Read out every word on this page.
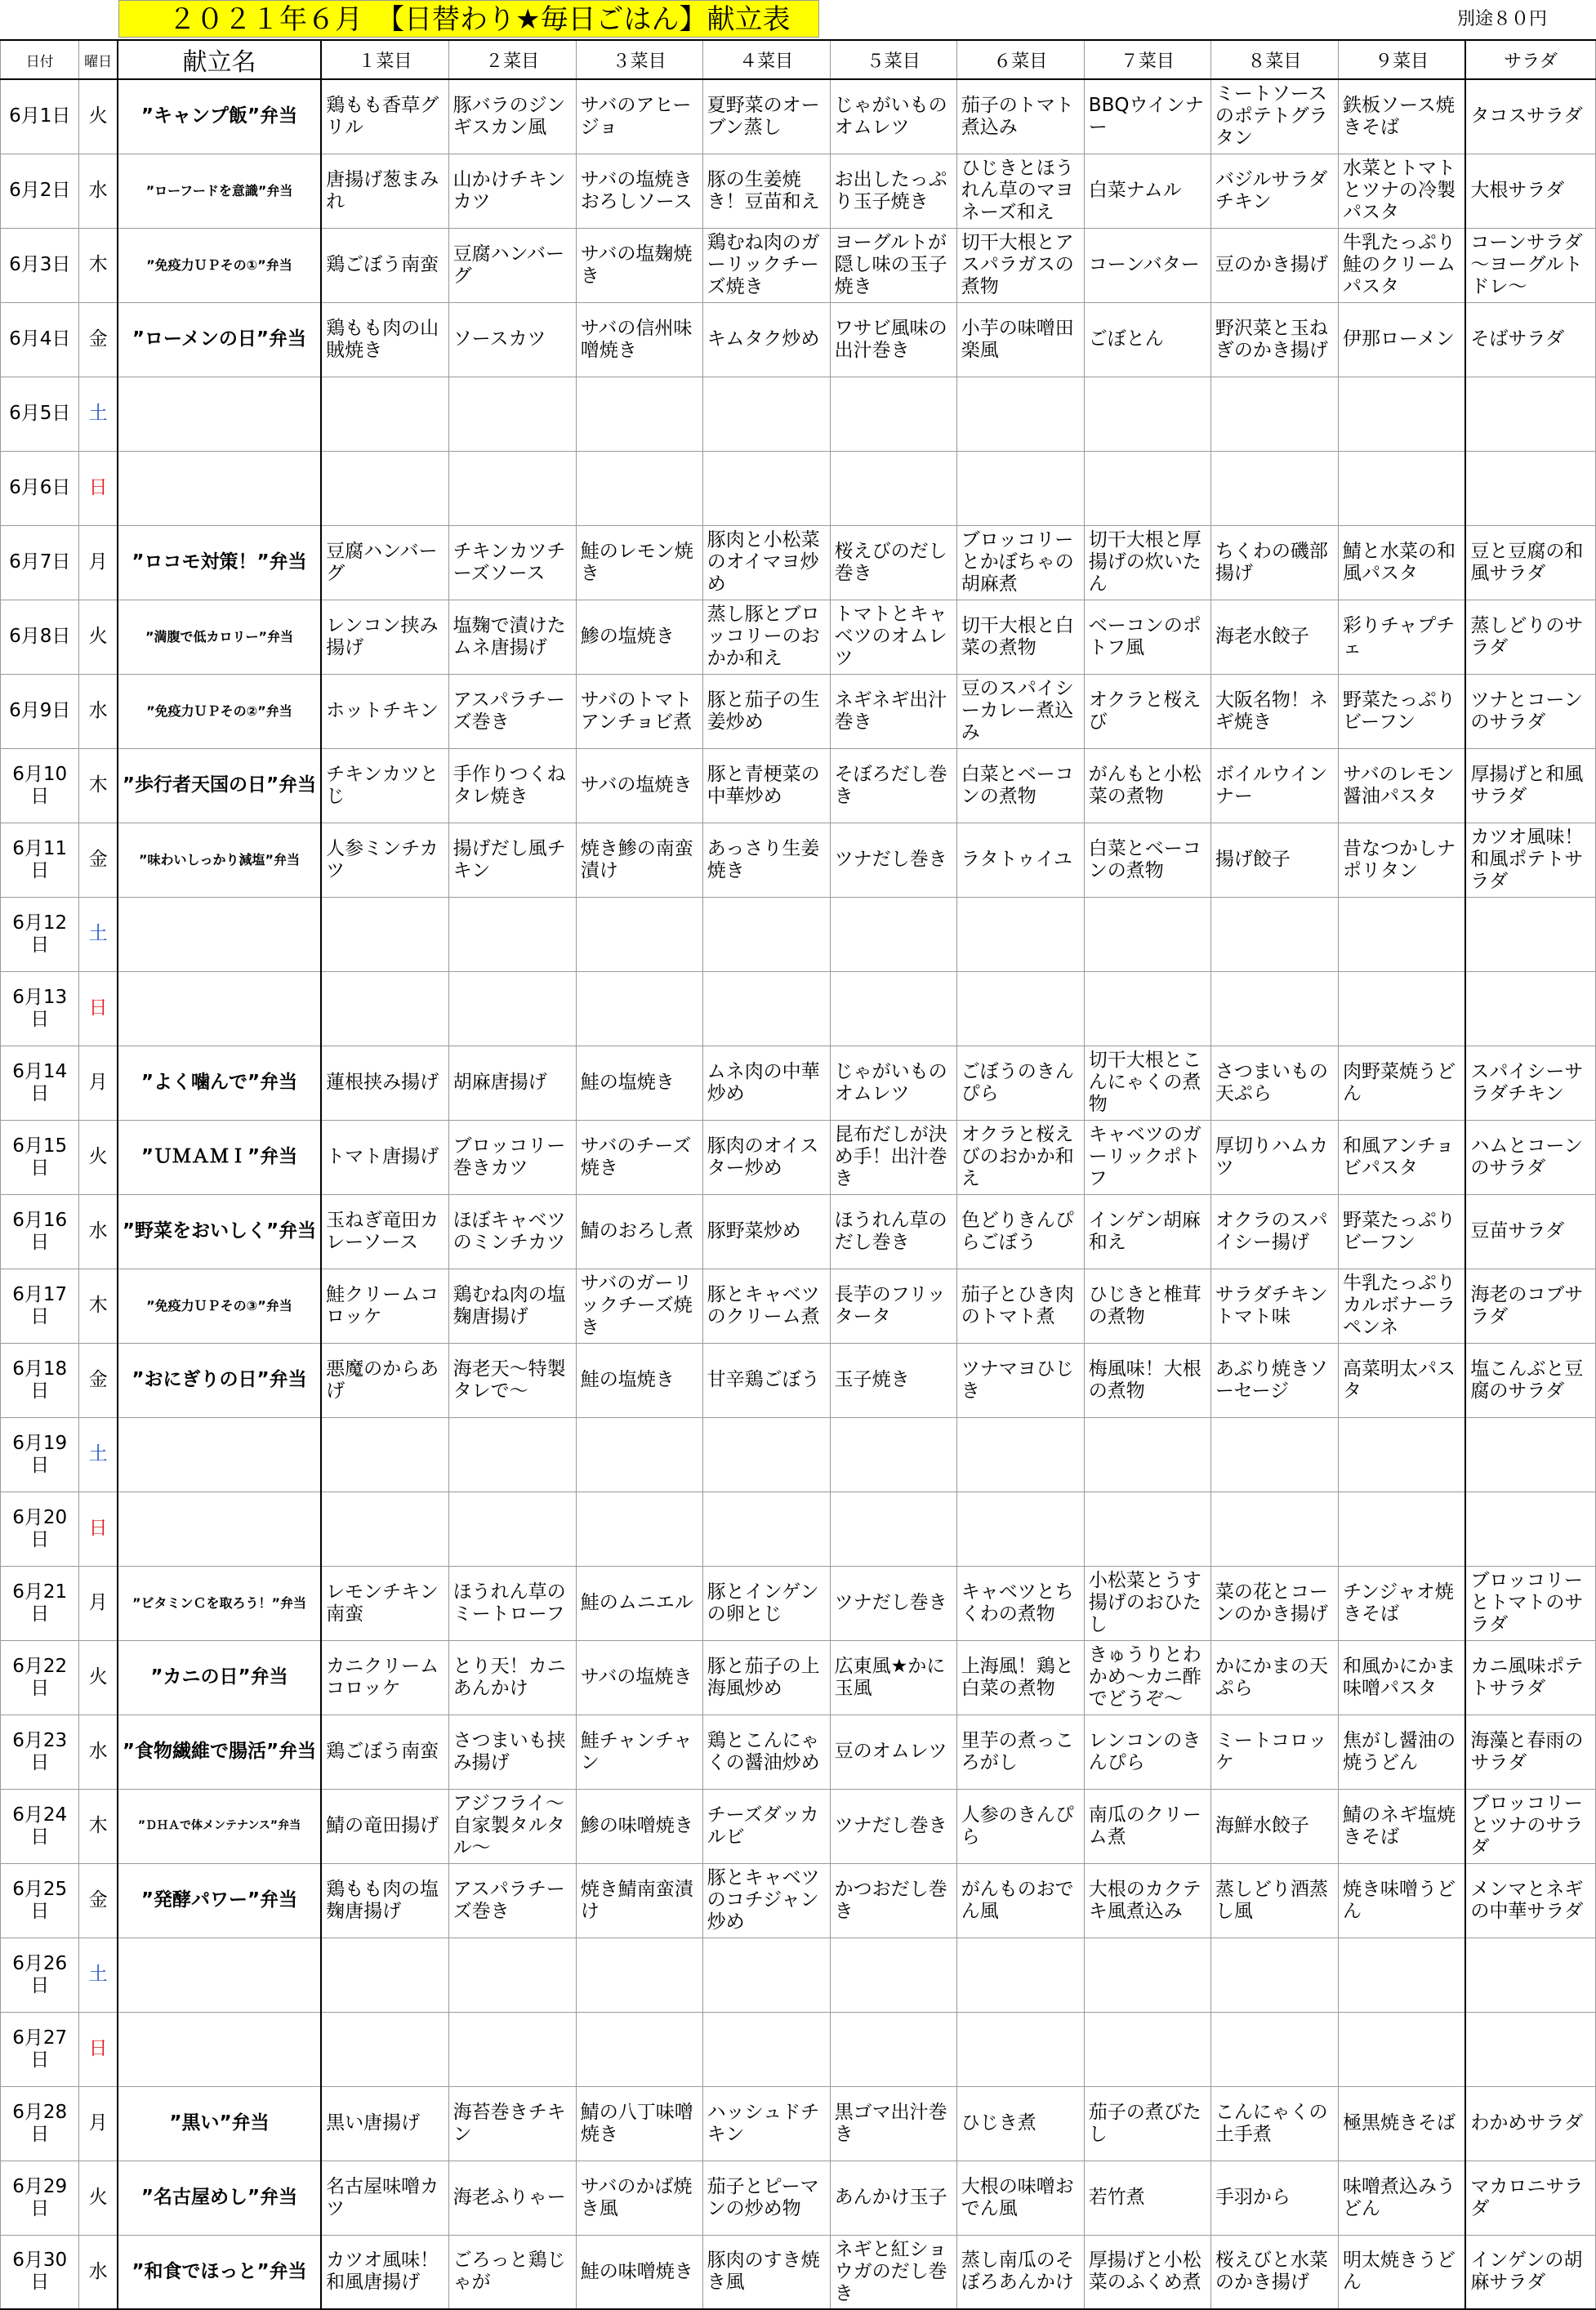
２０２１年６月　【日替わり★毎日ごはん】献立表	別途８０円
日付	曜日	献立名	１菜目	２菜目	３菜目	４菜目	５菜目	６菜目	７菜目	８菜目	９菜目	サラダ
6月1日	火	”キャンプ飯”弁当	鶏もも香草グリル	豚バラのジンギスカン風	サバのアヒージョ	夏野菜のオーブン蒸し	じゃがいものオムレツ	茄子のトマト煮込み	BBQウインナー	ミートソースのポテトグラタン	鉄板ソース焼きそば	タコスサラダ
6月2日	水	”ローフードを意識”弁当	唐揚げ葱まみれ	山かけチキンカツ	サバの塩焼きおろしソース	豚の生姜焼き！豆苗和え	お出したっぷり玉子焼き	ひじきとほうれん草のマヨネーズ和え	白菜ナムル	バジルサラダチキン	水菜とトマトとツナの冷製パスタ	大根サラダ
6月3日	木	”免疫力ＵＰその①”弁当	鶏ごぼう南蛮	豆腐ハンバーグ	サバの塩麹焼き	鶏むね肉のガーリックチーズ焼き	ヨーグルトが隠し味の玉子焼き	切干大根とアスパラガスの煮物	コーンバター	豆のかき揚げ	牛乳たっぷり鮭のクリームパスタ	コーンサラダ～ヨーグルトドレ～
6月4日	金	”ローメンの日”弁当	鶏もも肉の山賊焼き	ソースカツ	サバの信州味噌焼き	キムタク炒め	ワサビ風味の出汁巻き	小芋の味噌田楽風	ごぼとん	野沢菜と玉ねぎのかき揚げ	伊那ローメン	そばサラダ
6月5日	土											
6月6日	日											
6月7日	月	”ロコモ対策！”弁当	豆腐ハンバーグ	チキンカツチーズソース	鮭のレモン焼き	豚肉と小松菜のオイマヨ炒め	桜えびのだし巻き	ブロッコリーとかぼちゃの胡麻煮	切干大根と厚揚げの炊いたん	ちくわの磯部揚げ	鯖と水菜の和風パスタ	豆と豆腐の和風サラダ
6月8日	火	”満腹で低カロリー”弁当	レンコン挟み揚げ	塩麹で漬けたムネ唐揚げ	鯵の塩焼き	蒸し豚とブロッコリーのおかか和え	トマトとキャベツのオムレツ	切干大根と白菜の煮物	ベーコンのポトフ風	海老水餃子	彩りチャプチェ	蒸しどりのサラダ
6月9日	水	”免疫力ＵＰその②”弁当	ホットチキン	アスパラチーズ巻き	サバのトマトアンチョビ煮	豚と茄子の生姜炒め	ネギネギ出汁巻き	豆のスパイシーカレー煮込み	オクラと桜えび	大阪名物！ネギ焼き	野菜たっぷりビーフン	ツナとコーンのサラダ
6月10日	木	”歩行者天国の日”弁当	チキンカツとじ	手作りつくねタレ焼き	サバの塩焼き	豚と青梗菜の中華炒め	そぼろだし巻き	白菜とベーコンの煮物	がんもと小松菜の煮物	ボイルウインナー	サバのレモン醤油パスタ	厚揚げと和風サラダ
6月11日	金	”味わいしっかり減塩”弁当	人参ミンチカツ	揚げだし風チキン	焼き鯵の南蛮漬け	あっさり生姜焼き	ツナだし巻き	ラタトゥイユ	白菜とベーコンの煮物	揚げ餃子	昔なつかしナポリタン	カツオ風味！和風ポテトサラダ
6月12日	土											
6月13日	日											
6月14日	月	”よく噛んで”弁当	蓮根挟み揚げ	胡麻唐揚げ	鮭の塩焼き	ムネ肉の中華炒め	じゃがいものオムレツ	ごぼうのきんぴら	切干大根とこんにゃくの煮物	さつまいもの天ぷら	肉野菜焼うどん	スパイシーサラダチキン
6月15日	火	”ＵＭＡＭＩ”弁当	トマト唐揚げ	ブロッコリー巻きカツ	サバのチーズ焼き	豚肉のオイスター炒め	昆布だしが決め手！出汁巻き	オクラと桜えびのおかか和え	キャベツのガーリックポトフ	厚切りハムカツ	和風アンチョビパスタ	ハムとコーンのサラダ
6月16日	水	”野菜をおいしく”弁当	玉ねぎ竜田カレーソース	ほぼキャベツのミンチカツ	鯖のおろし煮	豚野菜炒め	ほうれん草のだし巻き	色どりきんぴらごぼう	インゲン胡麻和え	オクラのスパイシー揚げ	野菜たっぷりビーフン	豆苗サラダ
6月17日	木	”免疫力ＵＰその③”弁当	鮭クリームコロッケ	鶏むね肉の塩麹唐揚げ	サバのガーリックチーズ焼き	豚とキャベツのクリーム煮	長芋のフリッタータ	茄子とひき肉のトマト煮	ひじきと椎茸の煮物	サラダチキントマト味	牛乳たっぷりカルボナーラペンネ	海老のコブサラダ
6月18日	金	”おにぎりの日”弁当	悪魔のからあげ	海老天～特製タレで～	鮭の塩焼き	甘辛鶏ごぼう	玉子焼き	ツナマヨひじき	梅風味！大根の煮物	あぶり焼きソーセージ	高菜明太パスタ	塩こんぶと豆腐のサラダ
6月19日	土											
6月20日	日											
6月21日	月	”ビタミンＣを取ろう！”弁当	レモンチキン南蛮	ほうれん草のミートローフ	鮭のムニエル	豚とインゲンの卵とじ	ツナだし巻き	キャベツとちくわの煮物	小松菜とうす揚げのおひたし	菜の花とコーンのかき揚げ	チンジャオ焼きそば	ブロッコリーとトマトのサラダ
6月22日	火	”カニの日”弁当	カニクリームコロッケ	とり天！カニあんかけ	サバの塩焼き	豚と茄子の上海風炒め	広東風★かに玉風	上海風！鶏と白菜の煮物	きゅうりとわかめ～カニ酢でどうぞ～	かにかまの天ぷら	和風かにかま味噌パスタ	カニ風味ポテトサラダ
6月23日	水	”食物繊維で腸活”弁当	鶏ごぼう南蛮	さつまいも挟み揚げ	鮭チャンチャン	鶏とこんにゃくの醤油炒め	豆のオムレツ	里芋の煮っころがし	レンコンのきんぴら	ミートコロッケ	焦がし醤油の焼うどん	海藻と春雨のサラダ
6月24日	木	”ＤＨＡで体メンテナンス”弁当	鯖の竜田揚げ	アジフライ～自家製タルタル～	鯵の味噌焼き	チーズダッカルビ	ツナだし巻き	人参のきんぴら	南瓜のクリーム煮	海鮮水餃子	鯖のネギ塩焼きそば	ブロッコリーとツナのサラダ
6月25日	金	”発酵パワー”弁当	鶏もも肉の塩麹唐揚げ	アスパラチーズ巻き	焼き鯖南蛮漬け	豚とキャベツのコチジャン炒め	かつおだし巻き	がんものおでん風	大根のカクテキ風煮込み	蒸しどり酒蒸し風	焼き味噌うどん	メンマとネギの中華サラダ
6月26日	土											
6月27日	日											
6月28日	月	”黒い”弁当	黒い唐揚げ	海苔巻きチキン	鯖の八丁味噌焼き	ハッシュドチキン	黒ゴマ出汁巻き	ひじき煮	茄子の煮びたし	こんにゃくの土手煮	極黒焼きそば	わかめサラダ
6月29日	火	”名古屋めし”弁当	名古屋味噌カツ	海老ふりゃー	サバのかば焼き風	茄子とピーマンの炒め物	あんかけ玉子	大根の味噌おでん風	若竹煮	手羽から	味噌煮込みうどん	マカロニサラダ
6月30日	水	”和食でほっと”弁当	カツオ風味！和風唐揚げ	ごろっと鶏じゃが	鮭の味噌焼き	豚肉のすき焼き風	ネギと紅ショウガのだし巻き	蒸し南瓜のそぼろあんかけ	厚揚げと小松菜のふくめ煮	桜えびと水菜のかき揚げ	明太焼きうどん	インゲンの胡麻サラダ
